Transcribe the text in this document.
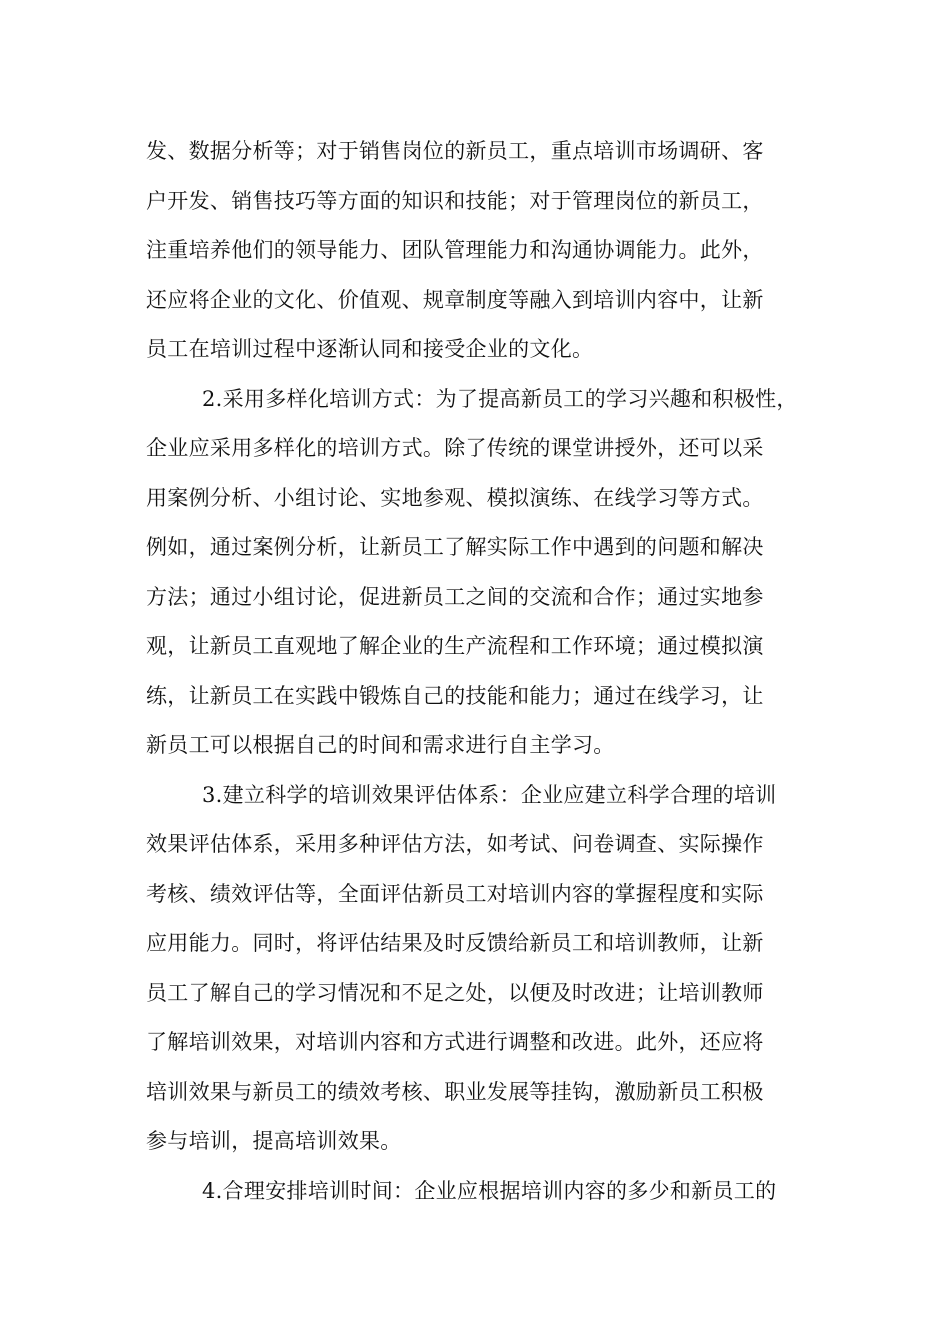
发、数据分析等；对于销售岗位的新员工，重点培训市场调研、客
户开发、销售技巧等方面的知识和技能；对于管理岗位的新员工，
注重培养他们的领导能力、团队管理能力和沟通协调能力。此外，
还应将企业的文化、价值观、规章制度等融入到培训内容中，让新
员工在培训过程中逐渐认同和接受企业的文化。
2.采用多样化培训方式：为了提高新员工的学习兴趣和积极性，
企业应采用多样化的培训方式。除了传统的课堂讲授外，还可以采
用案例分析、小组讨论、实地参观、模拟演练、在线学习等方式。
例如，通过案例分析，让新员工了解实际工作中遇到的问题和解决
方法；通过小组讨论，促进新员工之间的交流和合作；通过实地参
观，让新员工直观地了解企业的生产流程和工作环境；通过模拟演
练，让新员工在实践中锻炼自己的技能和能力；通过在线学习，让
新员工可以根据自己的时间和需求进行自主学习。
3.建立科学的培训效果评估体系：企业应建立科学合理的培训
效果评估体系，采用多种评估方法，如考试、问卷调查、实际操作
考核、绩效评估等，全面评估新员工对培训内容的掌握程度和实际
应用能力。同时，将评估结果及时反馈给新员工和培训教师，让新
员工了解自己的学习情况和不足之处，以便及时改进；让培训教师
了解培训效果，对培训内容和方式进行调整和改进。此外，还应将
培训效果与新员工的绩效考核、职业发展等挂钩，激励新员工积极
参与培训，提高培训效果。
4.合理安排培训时间：企业应根据培训内容的多少和新员工的
